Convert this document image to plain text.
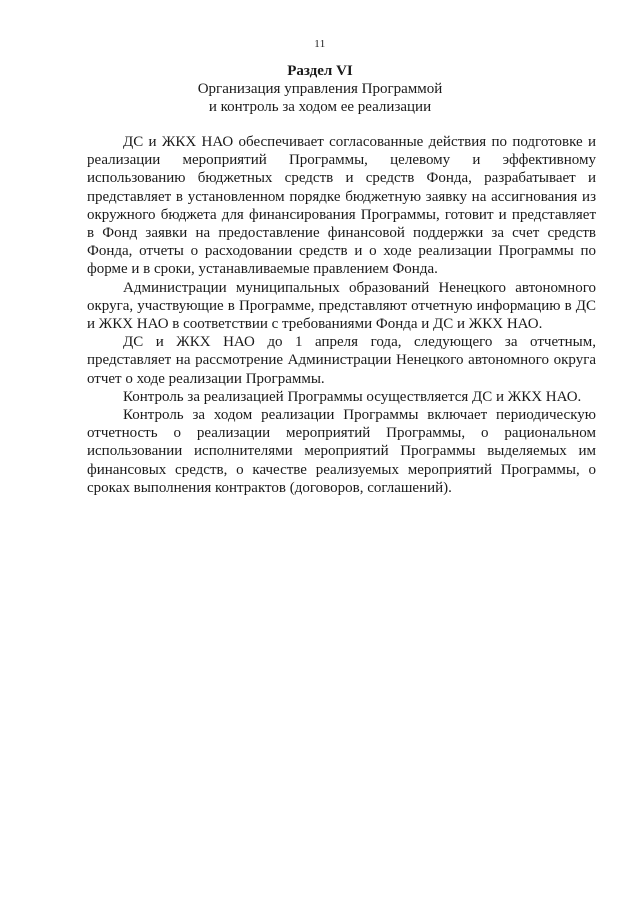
11
Раздел VI
Организация управления Программой
и контроль за ходом ее реализации

ДС и ЖКХ НАО обеспечивает согласованные действия по подготовке и реализации мероприятий Программы, целевому и эффективному использованию бюджетных средств и средств Фонда, разрабатывает и представляет в установленном порядке бюджетную заявку на ассигнования из окружного бюджета для финансирования Программы, готовит и представляет в Фонд заявки на предоставление финансовой поддержки за счет средств Фонда, отчеты о расходовании средств и о ходе реализации Программы по форме и в сроки, устанавливаемые правлением Фонда.

Администрации муниципальных образований Ненецкого автономного округа, участвующие в Программе, представляют отчетную информацию в ДС и ЖКХ НАО в соответствии с требованиями Фонда и ДС и ЖКХ НАО.

ДС и ЖКХ НАО до 1 апреля года, следующего за отчетным, представляет на рассмотрение Администрации Ненецкого автономного округа отчет о ходе реализации Программы.

Контроль за реализацией Программы осуществляется ДС и ЖКХ НАО.

Контроль за ходом реализации Программы включает периодическую отчетность о реализации мероприятий Программы, о рациональном использовании исполнителями мероприятий Программы выделяемых им финансовых средств, о качестве реализуемых мероприятий Программы, о сроках выполнения контрактов (договоров, соглашений).
